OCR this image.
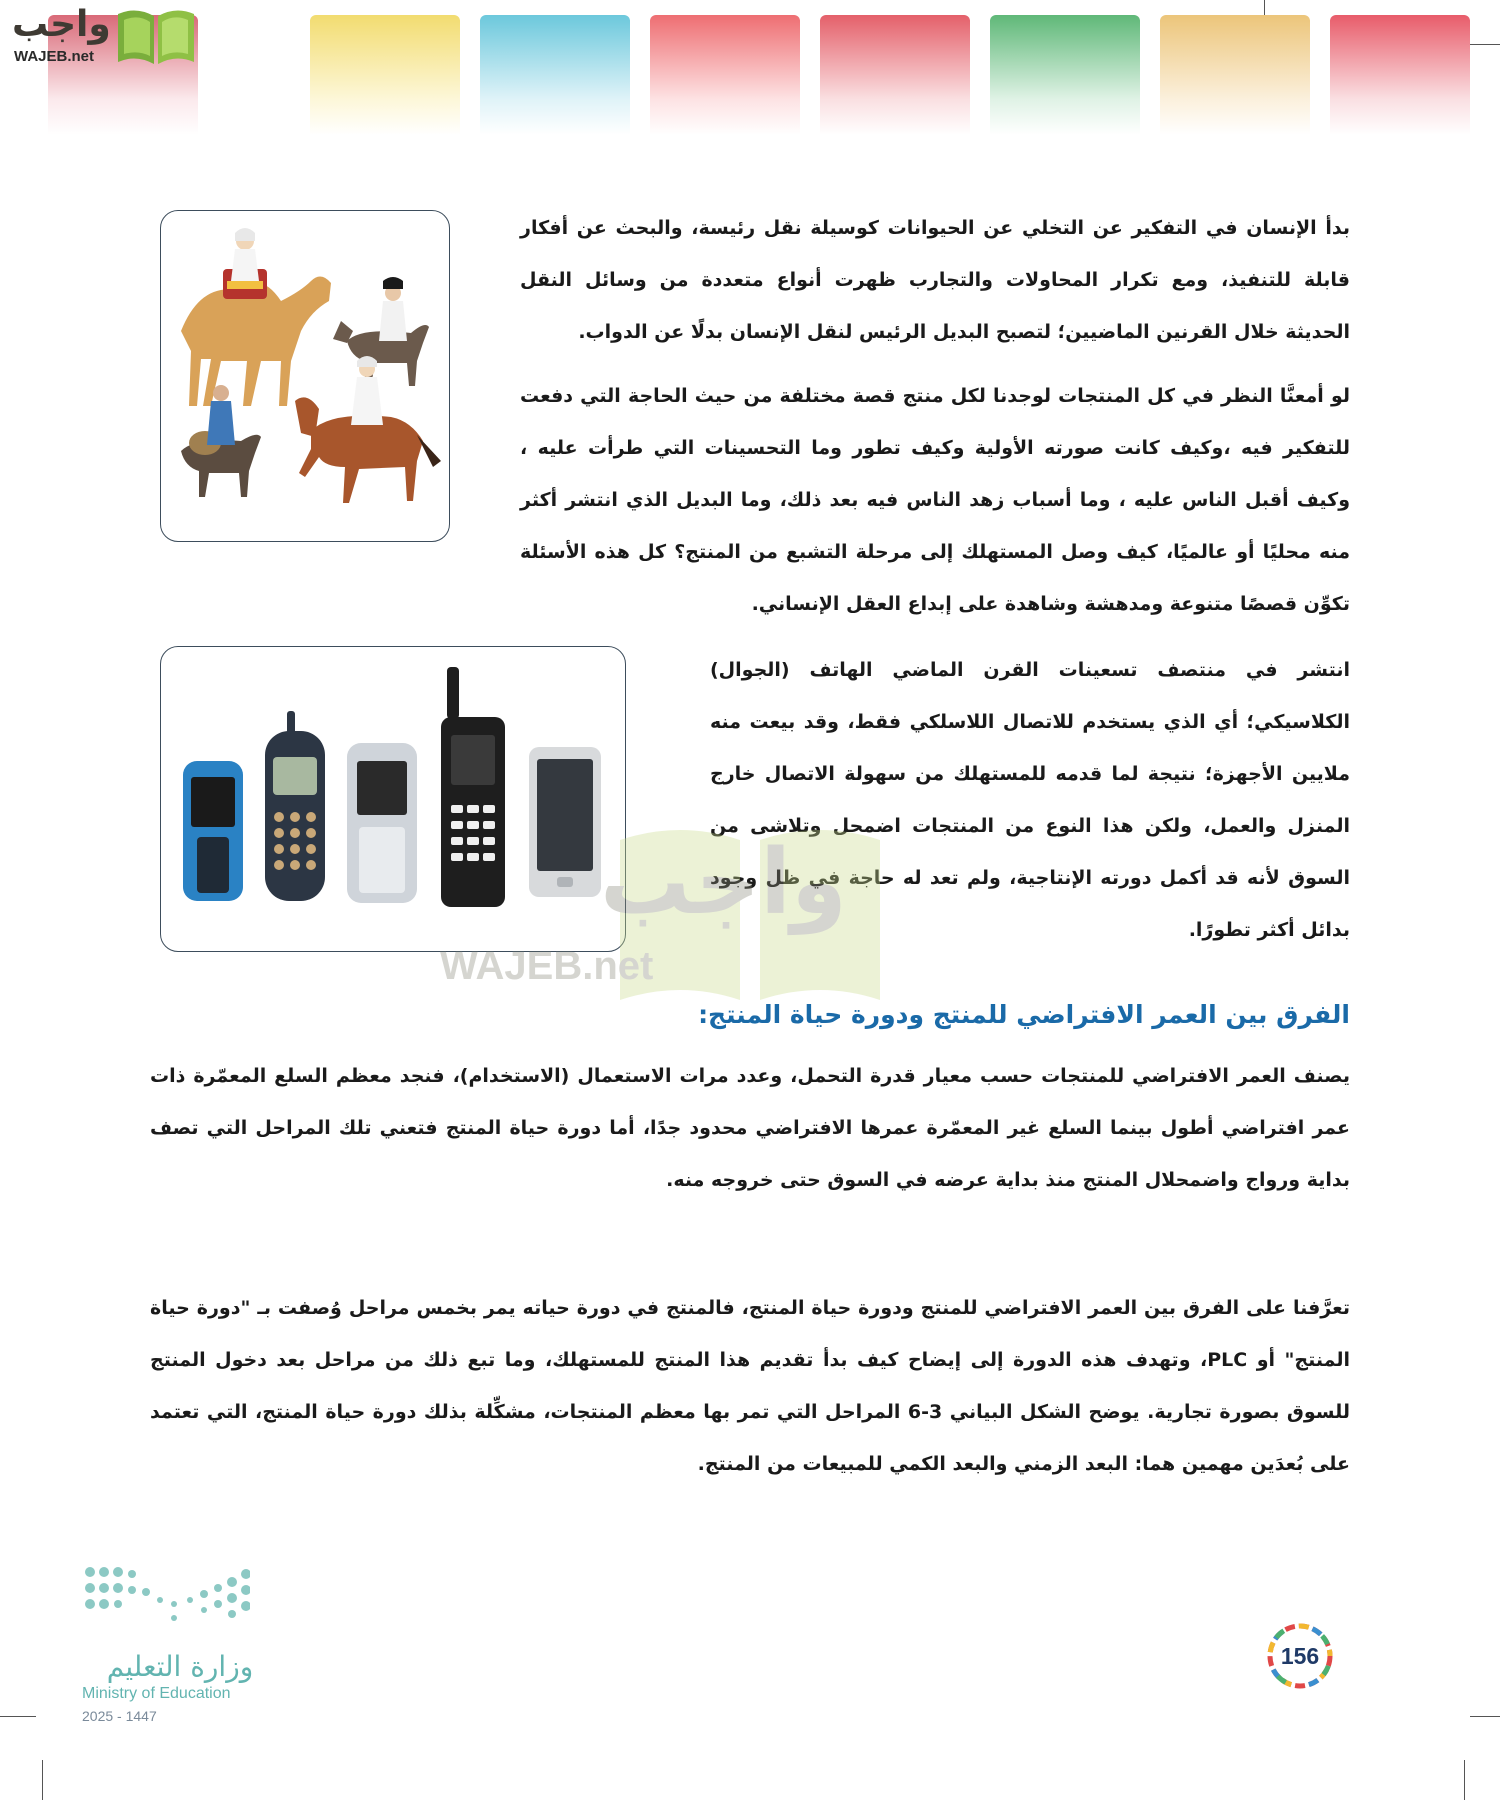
واجب
WAJEB.net

بدأ الإنسان في التفكير عن التخلي عن الحيوانات كوسيلة نقل رئيسة، والبحث عن أفكار قابلة للتنفيذ، ومع تكرار المحاولات والتجارب ظهرت أنواع متعددة من وسائل النقل الحديثة خلال القرنين الماضيين؛ لتصبح البديل الرئيس لنقل الإنسان بدلًا عن الدواب.

لو أمعنَّا النظر في كل المنتجات لوجدنا لكل منتج قصة مختلفة من حيث الحاجة التي دفعت للتفكير فيه ،وكيف كانت صورته الأولية وكيف تطور وما التحسينات التي طرأت عليه ، وكيف أقبل الناس عليه ، وما أسباب زهد الناس فيه بعد ذلك، وما البديل الذي انتشر أكثر منه محليًا أو عالميًا، كيف وصل المستهلك إلى مرحلة التشبع من المنتج؟ كل هذه الأسئلة تكوِّن قصصًا متنوعة ومدهشة وشاهدة على إبداع العقل الإنساني.

انتشر في منتصف تسعينات القرن الماضي الهاتف (الجوال) الكلاسيكي؛ أي الذي يستخدم للاتصال اللاسلكي فقط، وقد بيعت منه ملايين الأجهزة؛ نتيجة لما قدمه للمستهلك من سهولة الاتصال خارج المنزل والعمل، ولكن هذا النوع من المنتجات اضمحل وتلاشى من السوق لأنه قد أكمل دورته الإنتاجية، ولم تعد له حاجة في ظل وجود بدائل أكثر تطورًا.

واجب
WAJEB.net
الفرق بين العمر الافتراضي للمنتج ودورة حياة المنتج:

يصنف العمر الافتراضي للمنتجات حسب معيار قدرة التحمل، وعدد مرات الاستعمال (الاستخدام)، فنجد معظم السلع المعمّرة ذات عمر افتراضي أطول بينما السلع غير المعمّرة عمرها الافتراضي محدود جدًا، أما دورة حياة المنتج فتعني تلك المراحل التي تصف بداية ورواج واضمحلال المنتج منذ بداية عرضه في السوق حتى خروجه منه.

تعرَّفنا على الفرق بين العمر الافتراضي للمنتج ودورة حياة المنتج، فالمنتج في دورة حياته يمر بخمس مراحل وُصفت بـ "دورة حياة المنتج" أو PLC، وتهدف هذه الدورة إلى إيضاح كيف بدأ تقديم هذا المنتج للمستهلك، وما تبع ذلك من مراحل بعد دخول المنتج للسوق بصورة تجارية. يوضح الشكل البياني 3-6 المراحل التي تمر بها معظم المنتجات، مشكِّلة بذلك دورة حياة المنتج، التي تعتمد على بُعدَين مهمين هما: البعد الزمني والبعد الكمي للمبيعات من المنتج.

وزارة التعليم
Ministry of Education
2025 - 1447
156
